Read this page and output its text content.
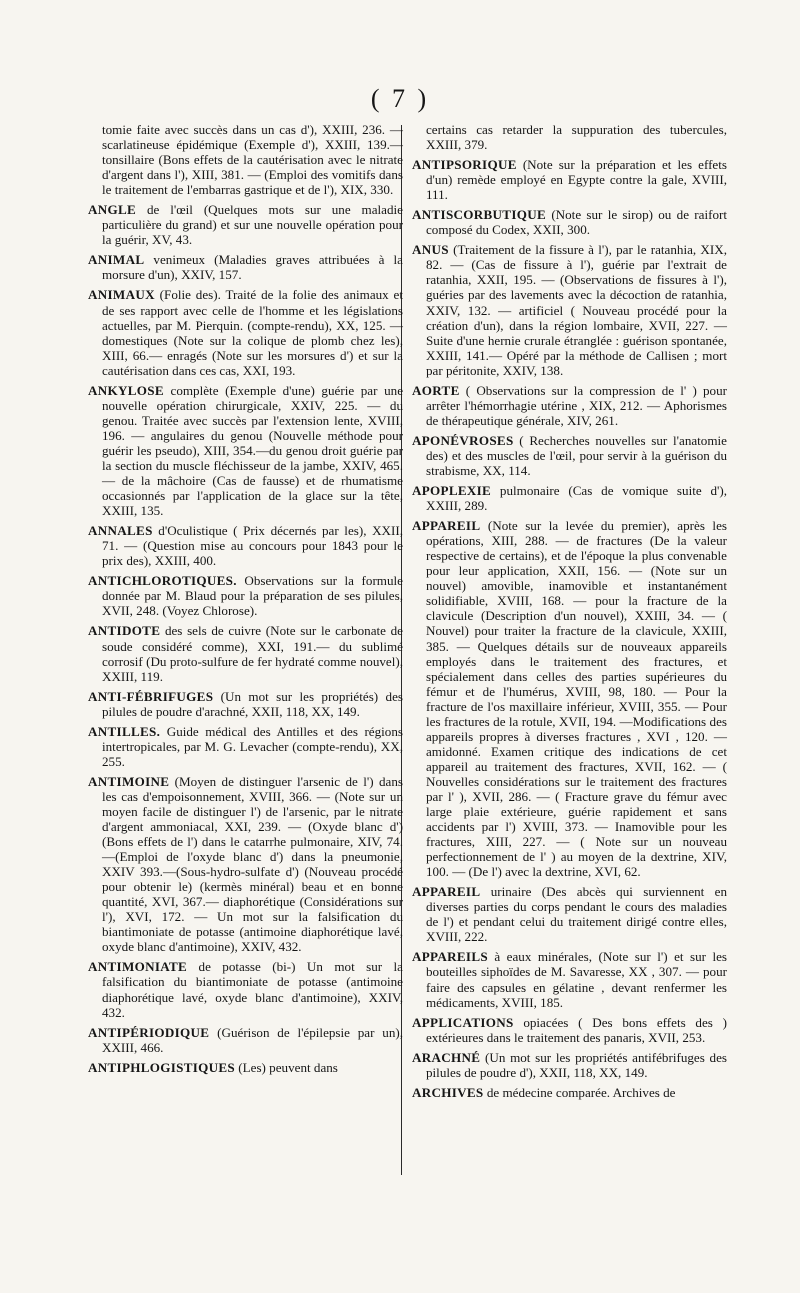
( 7 )

tomie faite avec succès dans un cas d'), XXIII, 236. — scarlatineuse épidémique (Exemple d'), XXIII, 139.— tonsillaire (Bons effets de la cautérisation avec le nitrate d'argent dans l'), XIII, 381. — (Emploi des vomitifs dans le traitement de l'embarras gastrique et de l'), XIX, 330.

ANGLE de l'œil (Quelques mots sur une maladie particulière du grand) et sur une nouvelle opération pour la guérir, XV, 43.

ANIMAL venimeux (Maladies graves attribuées à la morsure d'un), XXIV, 157.

ANIMAUX (Folie des). Traité de la folie des animaux et de ses rapport avec celle de l'homme et les législations actuelles, par M. Pierquin. (compte-rendu), XX, 125. — domestiques (Note sur la colique de plomb chez les), XIII, 66.— enragés (Note sur les morsures d') et sur la cautérisation dans ces cas, XXI, 193.

ANKYLOSE complète (Exemple d'une) guérie par une nouvelle opération chirurgicale, XXIV, 225. — du genou. Traitée avec succès par l'extension lente, XVIII, 196. — angulaires du genou (Nouvelle méthode pour guérir les pseudo), XIII, 354.—du genou droit guérie par la section du muscle fléchisseur de la jambe, XXIV, 465. — de la mâchoire (Cas de fausse) et de rhumatisme occasionnés par l'application de la glace sur la tête, XXIII, 135.

ANNALES d'Oculistique ( Prix décernés par les), XXII, 71. — (Question mise au concours pour 1843 pour le prix des), XXIII, 400.

ANTICHLOROTIQUES. Observations sur la formule donnée par M. Blaud pour la préparation de ses pilules, XVII, 248. (Voyez Chlorose).

ANTIDOTE des sels de cuivre (Note sur le carbonate de soude considéré comme), XXI, 191.— du sublimé corrosif (Du proto-sulfure de fer hydraté comme nouvel), XXIII, 119.

ANTI-FÉBRIFUGES (Un mot sur les propriétés) des pilules de poudre d'arachné, XXII, 118, XX, 149.

ANTILLES. Guide médical des Antilles et des régions intertropicales, par M. G. Levacher (compte-rendu), XX, 255.

ANTIMOINE (Moyen de distinguer l'arsenic de l') dans les cas d'empoisonnement, XVIII, 366. — (Note sur un moyen facile de distinguer l') de l'arsenic, par le nitrate d'argent ammoniacal, XXI, 239. — (Oxyde blanc d') (Bons effets de l') dans le catarrhe pulmonaire, XIV, 74.—(Emploi de l'oxyde blanc d') dans la pneumonie, XXIV 393.—(Sous-hydro-sulfate d') (Nouveau procédé pour obtenir le) (kermès minéral) beau et en bonne quantité, XVI, 367.— diaphorétique (Considérations sur l'), XVI, 172. — Un mot sur la falsification du biantimoniate de potasse (antimoine diaphorétique lavé, oxyde blanc d'antimoine), XXIV, 432.

ANTIMONIATE de potasse (bi-) Un mot sur la falsification du biantimoniate de potasse (antimoine diaphorétique lavé, oxyde blanc d'antimoine), XXIV, 432.

ANTIPÉRIODIQUE (Guérison de l'épilepsie par un), XXIII, 466.

ANTIPHLOGISTIQUES (Les) peuvent dans

certains cas retarder la suppuration des tubercules, XXIII, 379.

ANTIPSORIQUE (Note sur la préparation et les effets d'un) remède employé en Egypte contre la gale, XVIII, 111.

ANTISCORBUTIQUE (Note sur le sirop) ou de raifort composé du Codex, XXII, 300.

ANUS (Traitement de la fissure à l'), par le ratanhia, XIX, 82. — (Cas de fissure à l'), guérie par l'extrait de ratanhia, XXII, 195. — (Observations de fissures à l'), guéries par des lavements avec la décoction de ratanhia, XXIV, 132. — artificiel ( Nouveau procédé pour la création d'un), dans la région lombaire, XVII, 227. — Suite d'une hernie crurale étranglée : guérison spontanée, XXIII, 141.— Opéré par la méthode de Callisen ; mort par péritonite, XXIV, 138.

AORTE ( Observations sur la compression de l' ) pour arrêter l'hémorrhagie utérine , XIX, 212. — Aphorismes de thérapeutique générale, XIV, 261.

APONÉVROSES ( Recherches nouvelles sur l'anatomie des) et des muscles de l'œil, pour servir à la guérison du strabisme, XX, 114.

APOPLEXIE pulmonaire (Cas de vomique suite d'), XXIII, 289.

APPAREIL (Note sur la levée du premier), après les opérations, XIII, 288. — de fractures (De la valeur respective de certains), et de l'époque la plus convenable pour leur application, XXII, 156. — (Note sur un nouvel) amovible, inamovible et instantanément solidifiable, XVIII, 168. — pour la fracture de la clavicule (Description d'un nouvel), XXIII, 34. — ( Nouvel) pour traiter la fracture de la clavicule, XXIII, 385. — Quelques détails sur de nouveaux appareils employés dans le traitement des fractures, et spécialement dans celles des parties supérieures du fémur et de l'humérus, XVIII, 98, 180. — Pour la fracture de l'os maxillaire inférieur, XVIII, 355. — Pour les fractures de la rotule, XVII, 194. —Modifications des appareils propres à diverses fractures , XVI , 120. — amidonné. Examen critique des indications de cet appareil au traitement des fractures, XVII, 162. — ( Nouvelles considérations sur le traitement des fractures par l' ), XVII, 286. — ( Fracture grave du fémur avec large plaie extérieure, guérie rapidement et sans accidents par l') XVIII, 373. — Inamovible pour les fractures, XIII, 227. — ( Note sur un nouveau perfectionnement de l' ) au moyen de la dextrine, XIV, 100. — (De l') avec la dextrine, XVI, 62.

APPAREIL urinaire (Des abcès qui surviennent en diverses parties du corps pendant le cours des maladies de l') et pendant celui du traitement dirigé contre elles, XVIII, 222.

APPAREILS à eaux minérales, (Note sur l') et sur les bouteilles siphoïdes de M. Savaresse, XX , 307. — pour faire des capsules en gélatine , devant renfermer les médicaments, XVIII, 185.

APPLICATIONS opiacées ( Des bons effets des ) extérieures dans le traitement des panaris, XVII, 253.

ARACHNÉ (Un mot sur les propriétés antifébrifuges des pilules de poudre d'), XXII, 118, XX, 149.

ARCHIVES de médecine comparée. Archives de
